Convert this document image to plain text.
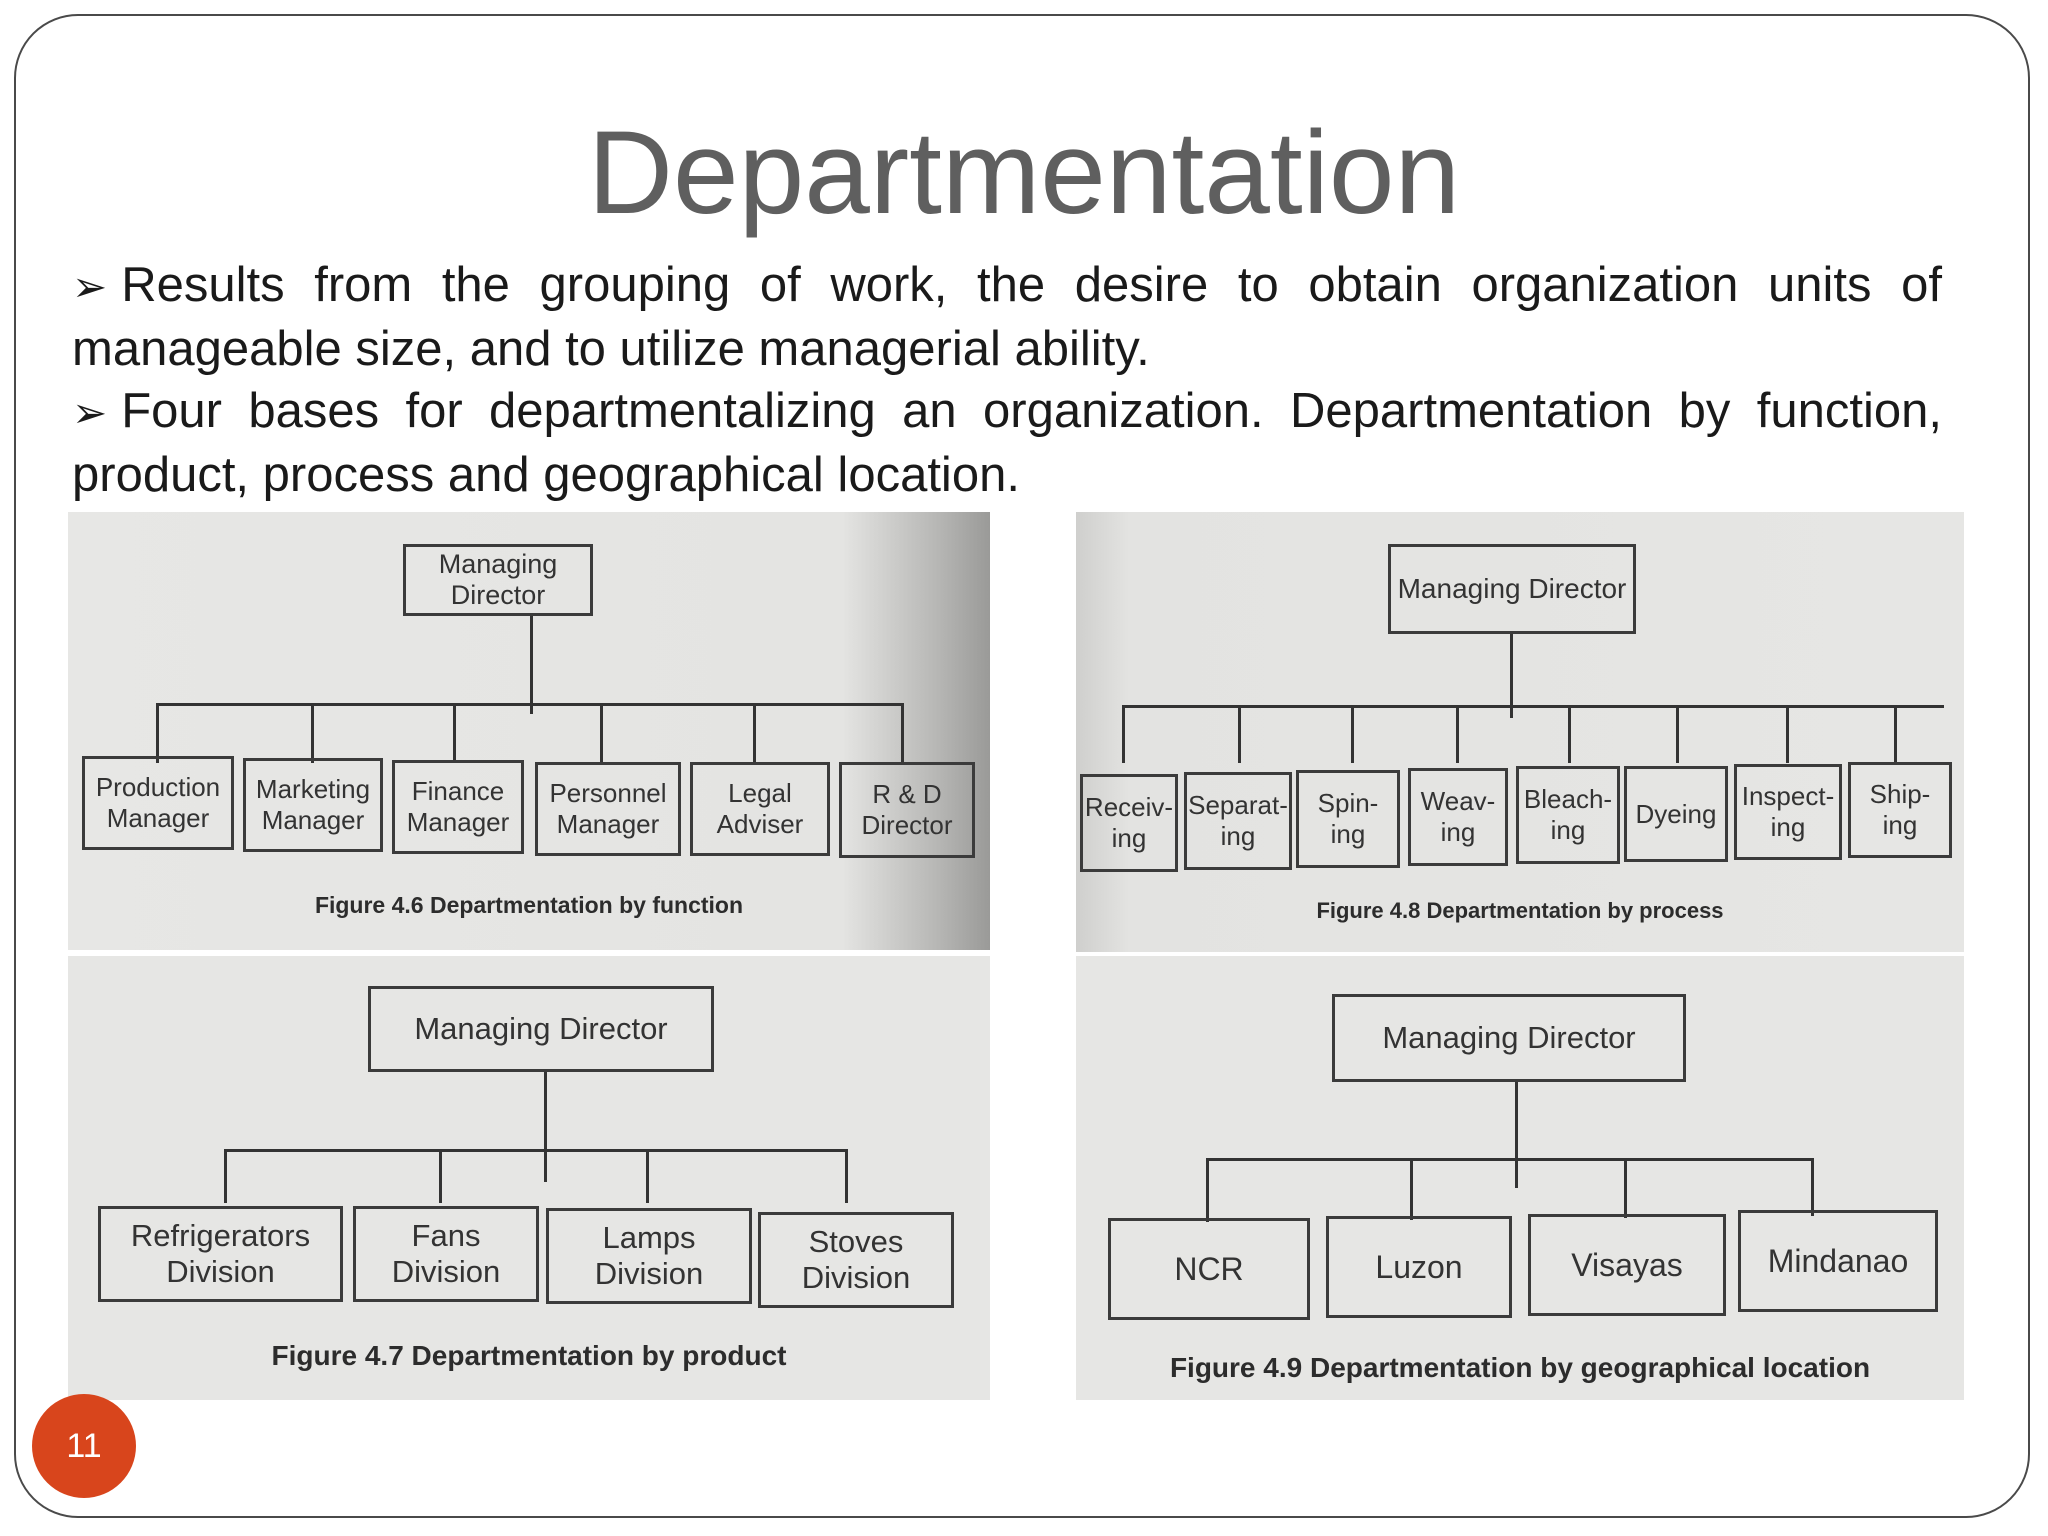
Departmentation

➢ Results from the grouping of work, the desire to obtain organization units of manageable size, and to utilize managerial ability.

➢ Four bases for departmentalizing an organization. Departmentation by function, product, process and geographical location.

Managing Director
Production
Manager
Marketing
Manager
Finance
Manager
Personnel
Manager
Legal
Adviser
R & D
Director

Figure 4.6 Departmentation by function

Managing Director
Refrigerators
Division
Fans
Division
Lamps
Division
Stoves
Division

Figure 4.7 Departmentation by product

Managing Director
Receiv-
ing
Separat-
ing
Spin-
ing
Weav-
ing
Bleach-
ing
Dyeing
Inspect-
ing
Ship-
ing

Figure 4.8 Departmentation by process

Managing Director
NCR	Luzon	Visayas	Mindanao

Figure 4.9 Departmentation by geographical location

11
